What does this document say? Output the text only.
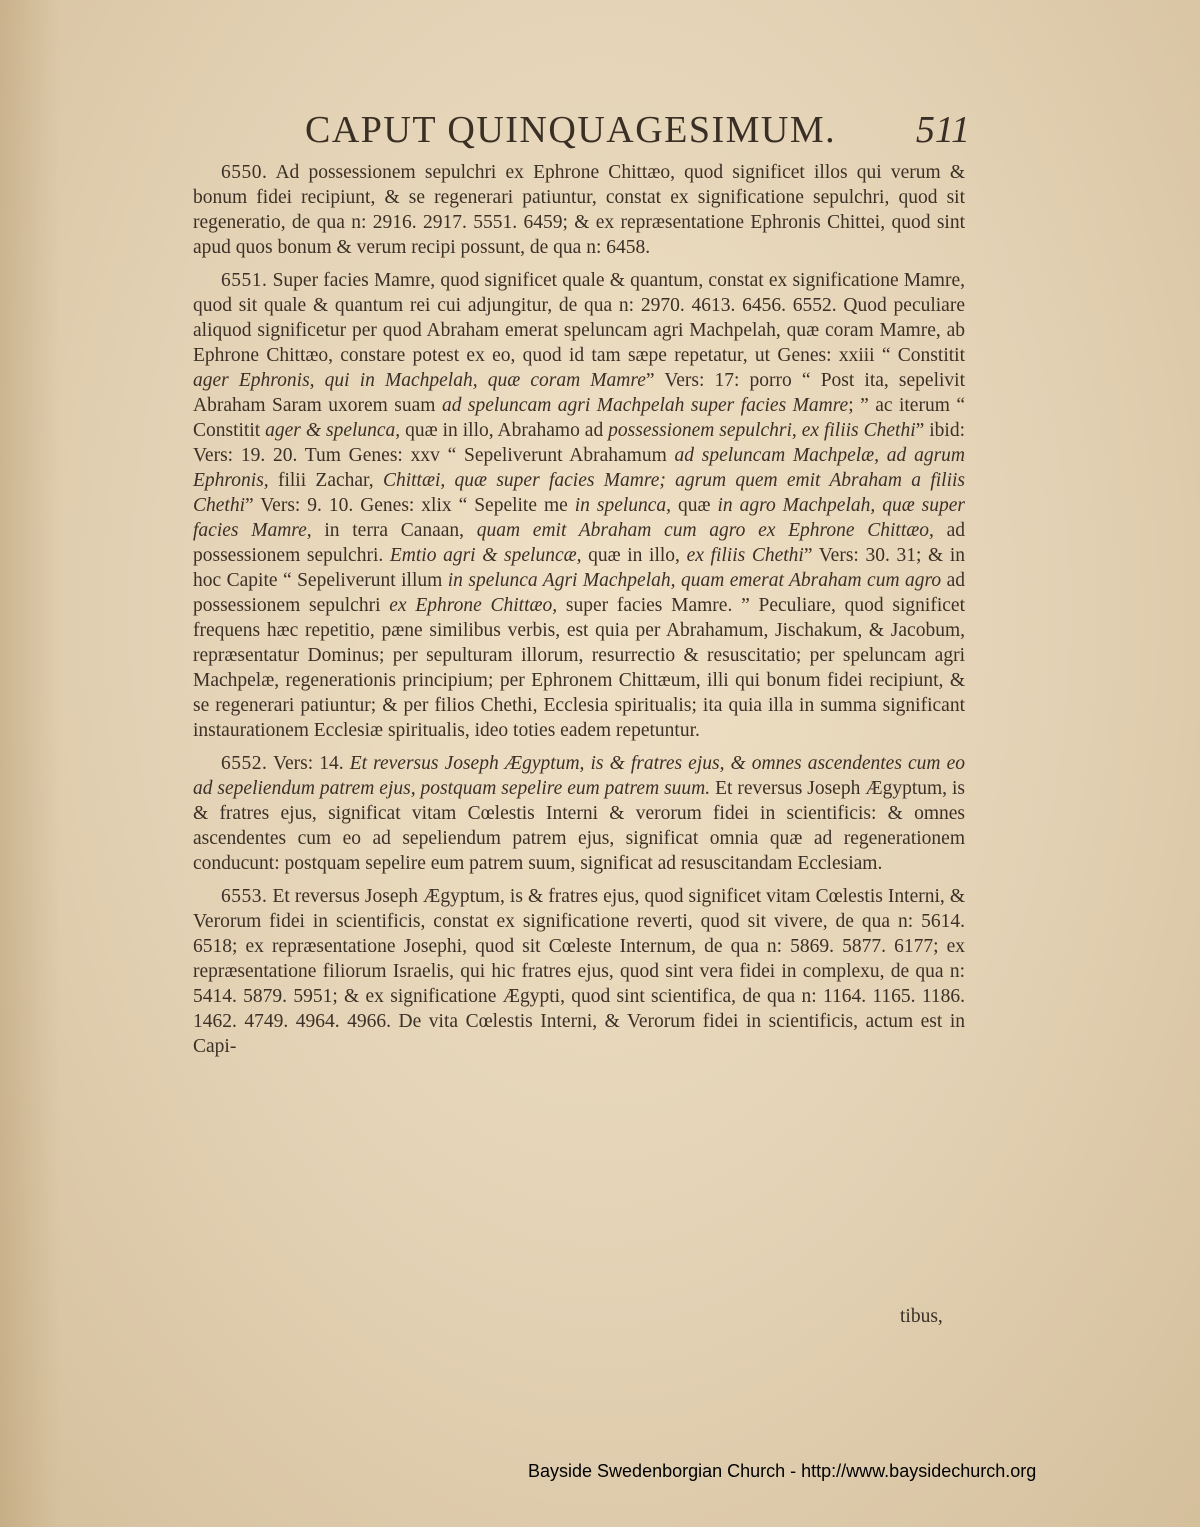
CAPUT QUINQUAGESIMUM. 511

6550. Ad possessionem sepulchri ex Ephrone Chittæo, quod significet illos qui verum & bonum fidei recipiunt, & se regenerari patiuntur, constat ex significatione sepulchri, quod sit regeneratio, de qua n: 2916. 2917. 5551. 6459; & ex repræsentatione Ephronis Chittei, quod sint apud quos bonum & verum recipi possunt, de qua n: 6458.

6551. Super facies Mamre, quod significet quale & quantum, constat ex significatione Mamre, quod sit quale & quantum rei cui adjungitur, de qua n: 2970. 4613. 6456. 6552. Quod peculiare aliquod significetur per quod Abraham emerat speluncam agri Machpelah, quæ coram Mamre, ab Ephrone Chittæo, constare potest ex eo, quod id tam sæpe repetatur, ut Genes: xxiii “ Constitit ager Ephronis, qui in Machpelah, quæ coram Mamre” Vers: 17: porro “ Post ita, sepelivit Abraham Saram uxorem suam ad speluncam agri Machpelah super facies Mamre; ” ac iterum “ Constitit ager & spelunca, quæ in illo, Abrahamo ad possessionem sepulchri, ex filiis Chethi” ibid: Vers: 19. 20. Tum Genes: xxv “ Sepeliverunt Abrahamum ad speluncam Machpelæ, ad agrum Ephronis, filii Zachar, Chittæi, quæ super facies Mamre; agrum quem emit Abraham a filiis Chethi” Vers: 9. 10. Genes: xlix “ Sepelite me in spelunca, quæ in agro Machpelah, quæ super facies Mamre, in terra Canaan, quam emit Abraham cum agro ex Ephrone Chittæo, ad possessionem sepulchri. Emtio agri & speluncæ, quæ in illo, ex filiis Chethi” Vers: 30. 31; & in hoc Capite “ Sepeliverunt illum in spelunca Agri Machpelah, quam emerat Abraham cum agro ad possessionem sepulchri ex Ephrone Chittæo, super facies Mamre. ” Peculiare, quod significet frequens hæc repetitio, pæne similibus verbis, est quia per Abrahamum, Jischakum, & Jacobum, repræsentatur Dominus; per sepulturam illorum, resurrectio & resuscitatio; per speluncam agri Machpelæ, regenerationis principium; per Ephronem Chittæum, illi qui bonum fidei recipiunt, & se regenerari patiuntur; & per filios Chethi, Ecclesia spiritualis; ita quia illa in summa significant instaurationem Ecclesiæ spiritualis, ideo toties eadem repetuntur.

6552. Vers: 14. Et reversus Joseph Ægyptum, is & fratres ejus, & omnes ascendentes cum eo ad sepeliendum patrem ejus, postquam sepelire eum patrem suum. Et reversus Joseph Ægyptum, is & fratres ejus, significat vitam Cœlestis Interni & verorum fidei in scientificis: & omnes ascendentes cum eo ad sepeliendum patrem ejus, significat omnia quæ ad regenerationem conducunt: postquam sepelire eum patrem suum, significat ad resuscitandam Ecclesiam.

6553. Et reversus Joseph Ægyptum, is & fratres ejus, quod significet vitam Cœlestis Interni, & Verorum fidei in scientificis, constat ex significatione reverti, quod sit vivere, de qua n: 5614. 6518; ex repræsentatione Josephi, quod sit Cœleste Internum, de qua n: 5869. 5877. 6177; ex repræsentatione filiorum Israelis, qui hic fratres ejus, quod sint vera fidei in complexu, de qua n: 5414. 5879. 5951; & ex significatione Ægypti, quod sint scientifica, de qua n: 1164. 1165. 1186. 1462. 4749. 4964. 4966. De vita Cœlestis Interni, & Verorum fidei in scientificis, actum est in Capi-

tibus,
Bayside Swedenborgian Church - http://www.baysidechurch.org
